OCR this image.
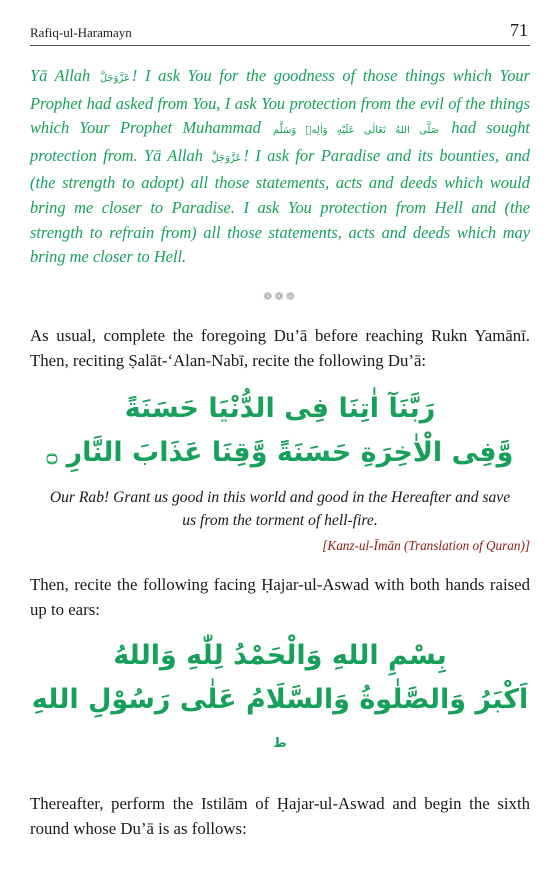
Rafiq-ul-Haramayn	71
Yā Allah عَزَّوَجَلَّ ! I ask You for the goodness of those things which Your Prophet had asked from You, I ask You protection from the evil of the things which Your Prophet Muhammad صَلَّى اللهُ تَعَالٰى عَلَيْهِ وَاٰلِهٖ وَسَلَّم had sought protection from. Yā Allah عَزَّوَجَلَّ ! I ask for Paradise and its bounties, and (the strength to adopt) all those statements, acts and deeds which would bring me closer to Paradise. I ask You protection from Hell and (the strength to refrain from) all those statements, acts and deeds which may bring me closer to Hell.
❁❁❁

As usual, complete the foregoing Du’ā before reaching Rukn Yamānī. Then, reciting Ṣalāt-‘Alan-Nabī, recite the following Du’ā:

رَبَّنَآ اٰتِنَا فِى الدُّنْيَا حَسَنَةً
وَّفِى الْاٰخِرَةِ حَسَنَةً وَّقِنَا عَذَابَ النَّارِ ۝
Our Rab! Grant us good in this world and good in the Hereafter and save us from the torment of hell-fire.
[Kanz-ul-Īmān (Translation of Quran)]

Then, recite the following facing Ḥajar-ul-Aswad with both hands raised up to ears:

بِسْمِ اللهِ وَالْحَمْدُ لِلّٰهِ وَاللهُ
اَكْبَرُ وَالصَّلٰوةُ وَالسَّلَامُ عَلٰى رَسُوْلِ اللهِ $^ط$

Thereafter, perform the Istilām of Ḥajar-ul-Aswad and begin the sixth round whose Du’ā is as follows:
